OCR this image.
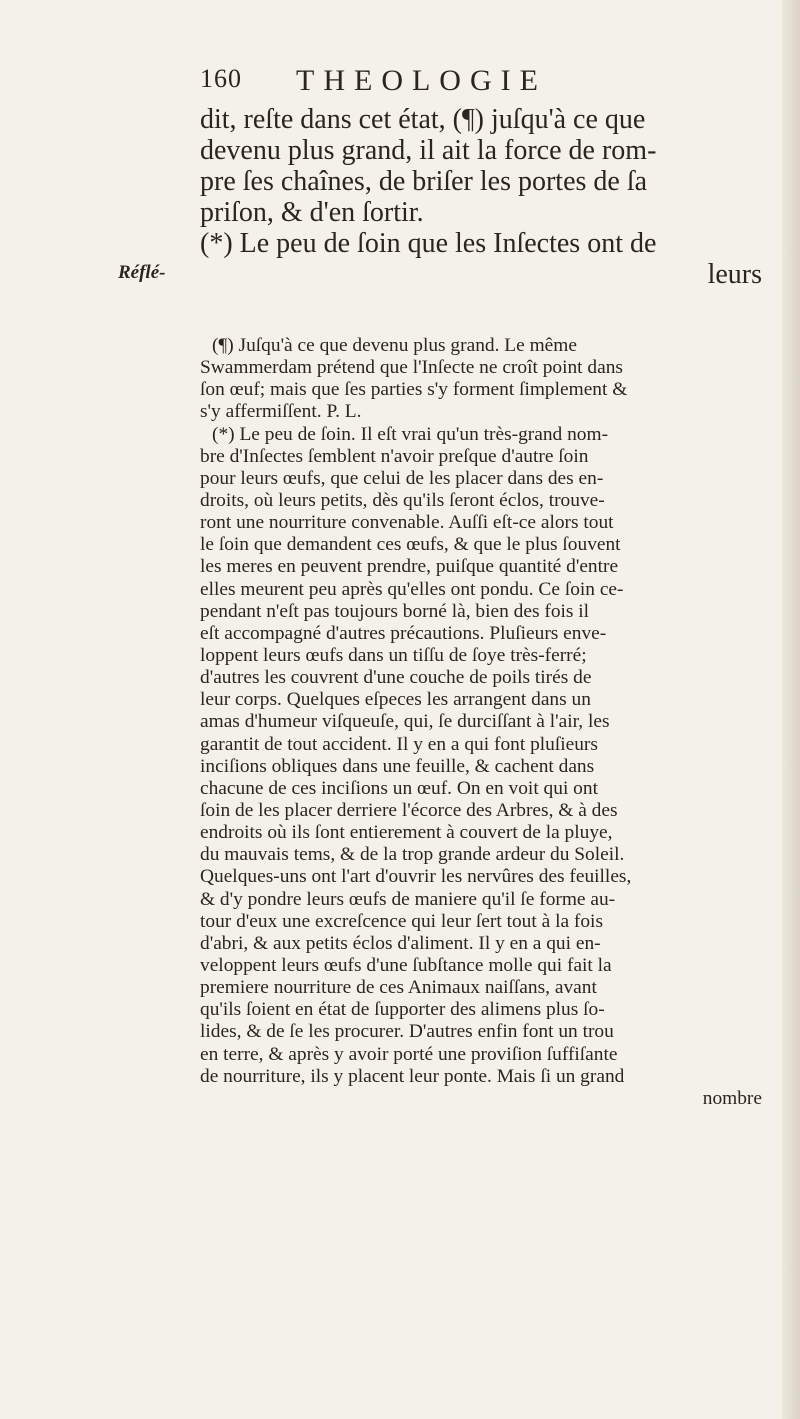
160 THEOLOGIE
Réflé-
dit, reſte dans cet état, (¶) juſqu'à ce que
devenu plus grand, il ait la force de rom-
pre ſes chaînes, de briſer les portes de ſa
priſon, & d'en ſortir.
(*) Le peu de ſoin que les Inſectes ont de
leurs
(¶) Juſqu'à ce que devenu plus grand. Le même
Swammerdam prétend que l'Inſecte ne croît point dans
ſon œuf; mais que ſes parties s'y forment ſimplement &
s'y affermiſſent. P. L.
(*) Le peu de ſoin. Il eſt vrai qu'un très-grand nom-
bre d'Inſectes ſemblent n'avoir preſque d'autre ſoin
pour leurs œufs, que celui de les placer dans des en-
droits, où leurs petits, dès qu'ils ſeront éclos, trouve-
ront une nourriture convenable. Auſſi eſt-ce alors tout
le ſoin que demandent ces œufs, & que le plus ſouvent
les meres en peuvent prendre, puiſque quantité d'entre
elles meurent peu après qu'elles ont pondu. Ce ſoin ce-
pendant n'eſt pas toujours borné là, bien des fois il
eſt accompagné d'autres précautions. Pluſieurs enve-
loppent leurs œufs dans un tiſſu de ſoye très-ferré;
d'autres les couvrent d'une couche de poils tirés de
leur corps. Quelques eſpeces les arrangent dans un
amas d'humeur viſqueuſe, qui, ſe durciſſant à l'air, les
garantit de tout accident. Il y en a qui font pluſieurs
inciſions obliques dans une feuille, & cachent dans
chacune de ces inciſions un œuf. On en voit qui ont
ſoin de les placer derriere l'écorce des Arbres, & à des
endroits où ils ſont entierement à couvert de la pluye,
du mauvais tems, & de la trop grande ardeur du Soleil.
Quelques-uns ont l'art d'ouvrir les nervûres des feuilles,
& d'y pondre leurs œufs de maniere qu'il ſe forme au-
tour d'eux une excreſcence qui leur ſert tout à la fois
d'abri, & aux petits éclos d'aliment. Il y en a qui en-
veloppent leurs œufs d'une ſubſtance molle qui fait la
premiere nourriture de ces Animaux naiſſans, avant
qu'ils ſoient en état de ſupporter des alimens plus ſo-
lides, & de ſe les procurer. D'autres enfin font un trou
en terre, & après y avoir porté une proviſion ſuffiſante
de nourriture, ils y placent leur ponte. Mais ſi un grand
nombre
